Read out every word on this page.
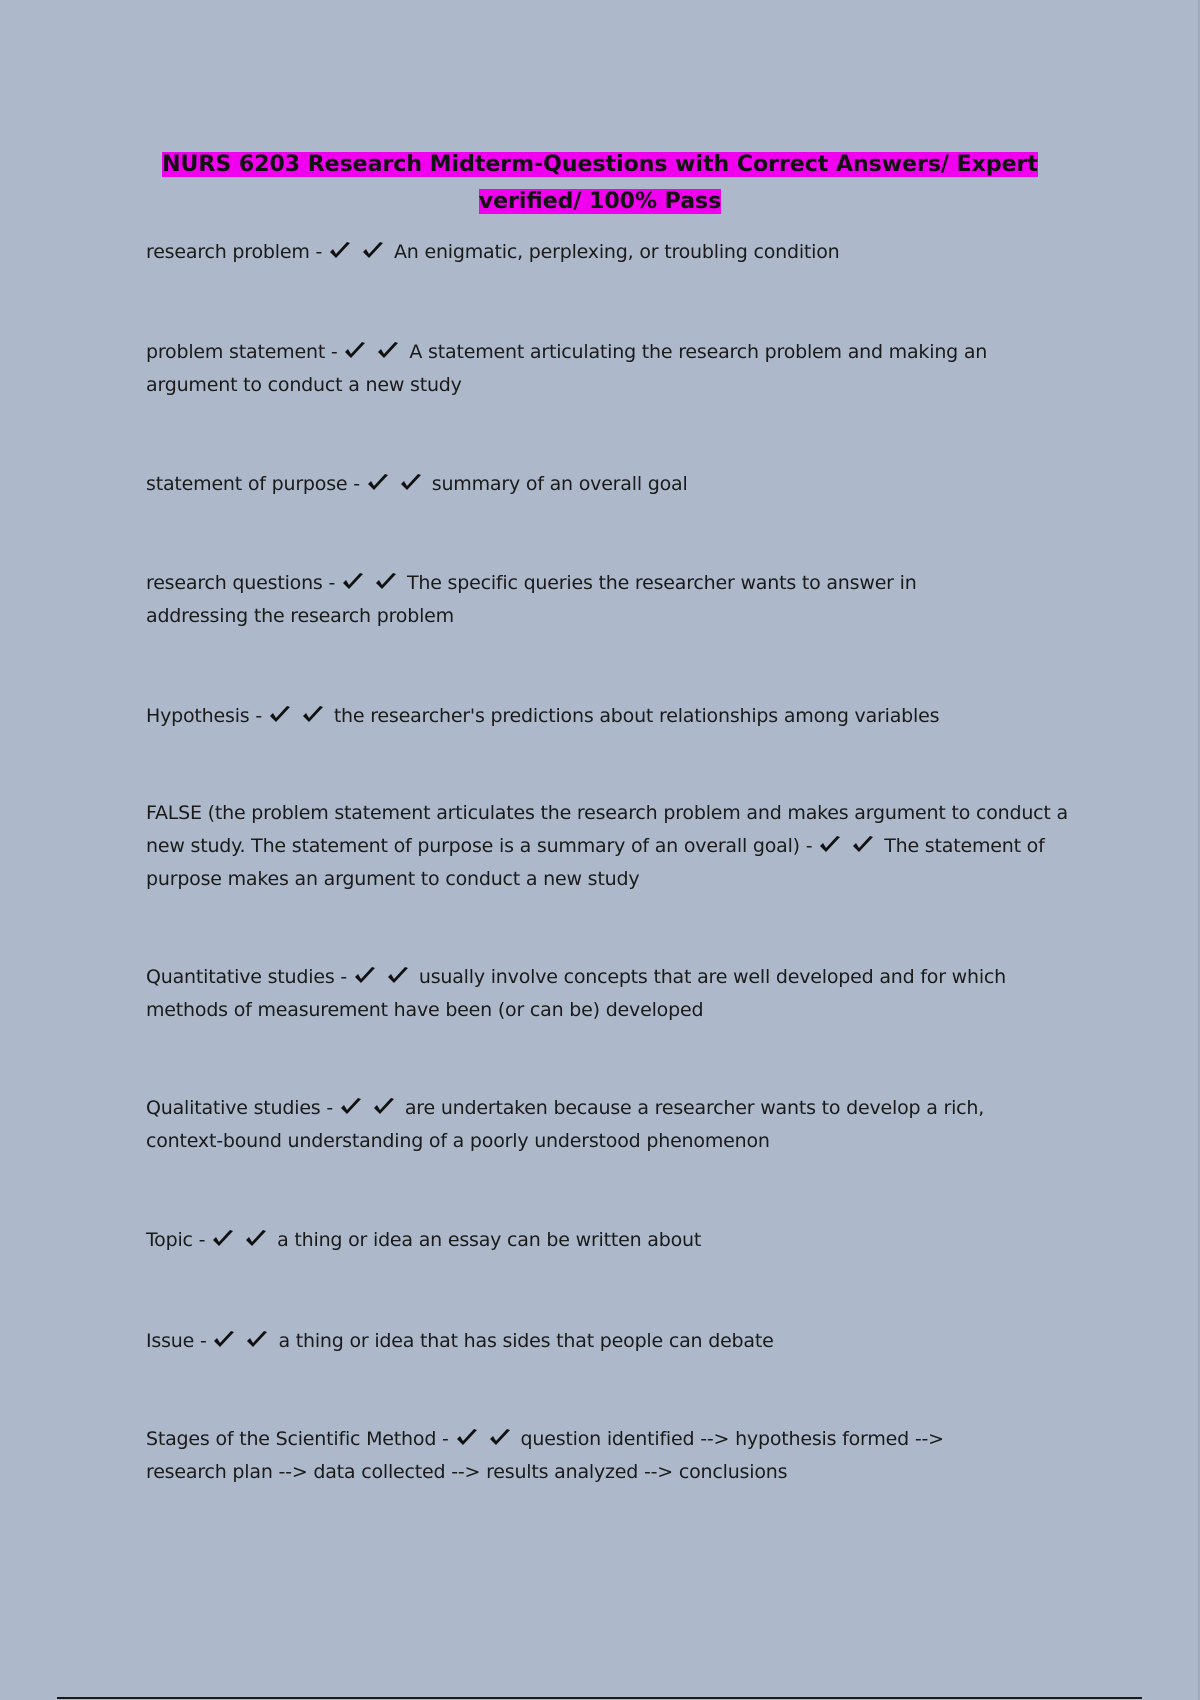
NURS 6203 Research Midterm-Questions with Correct Answers/ Expert
verified/ 100% Pass
research problem -	An enigmatic, perplexing, or troubling condition
problem statement -	A statement articulating the research problem and making an argument to conduct a new study
statement of purpose -	summary of an overall goal
research questions -	The specific queries the researcher wants to answer in addressing the research problem
Hypothesis -	the researcher's predictions about relationships among variables
FALSE (the problem statement articulates the research problem and makes argument to conduct a new study. The statement of purpose is a summary of an overall goal) -	The statement of purpose makes an argument to conduct a new study
Quantitative studies -	usually involve concepts that are well developed and for which methods of measurement have been (or can be) developed
Qualitative studies -	are undertaken because a researcher wants to develop a rich, context-bound understanding of a poorly understood phenomenon
Topic -	a thing or idea an essay can be written about
Issue -	a thing or idea that has sides that people can debate
Stages of the Scientific Method -	question identified --> hypothesis formed --> research plan --> data collected --> results analyzed --> conclusions
